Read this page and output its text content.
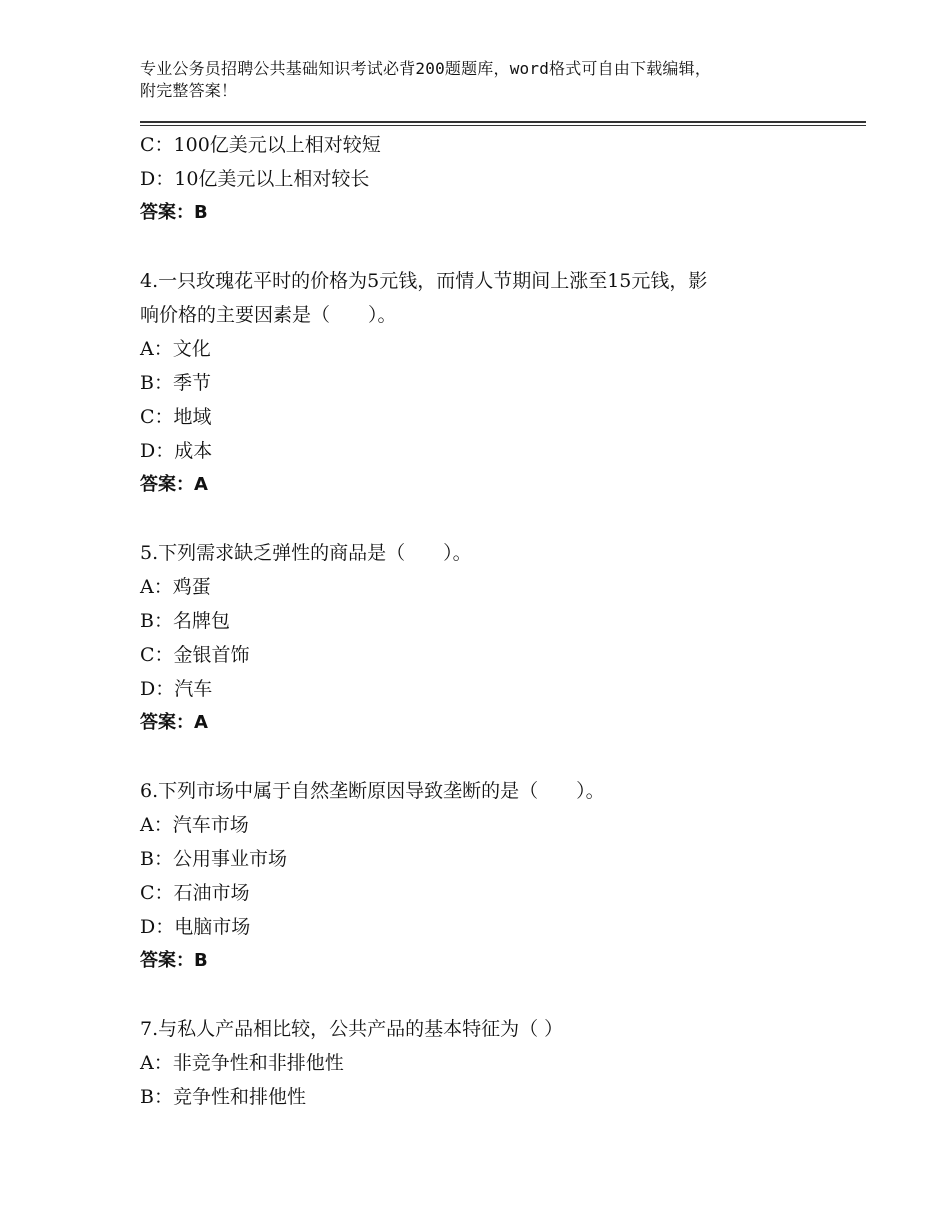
专业公务员招聘公共基础知识考试必背200题题库，word格式可自由下载编辑，
附完整答案！
C：100亿美元以上相对较短
D：10亿美元以上相对较长
答案：B
4.一只玫瑰花平时的价格为5元钱，而情人节期间上涨至15元钱，影
响价格的主要因素是（　　）。
A：文化
B：季节
C：地域
D：成本
答案：A
5.下列需求缺乏弹性的商品是（　　）。
A：鸡蛋
B：名牌包
C：金银首饰
D：汽车
答案：A
6.下列市场中属于自然垄断原因导致垄断的是（　　）。
A：汽车市场
B：公用事业市场
C：石油市场
D：电脑市场
答案：B
7.与私人产品相比较，公共产品的基本特征为（ ）
A：非竞争性和非排他性
B：竞争性和排他性
